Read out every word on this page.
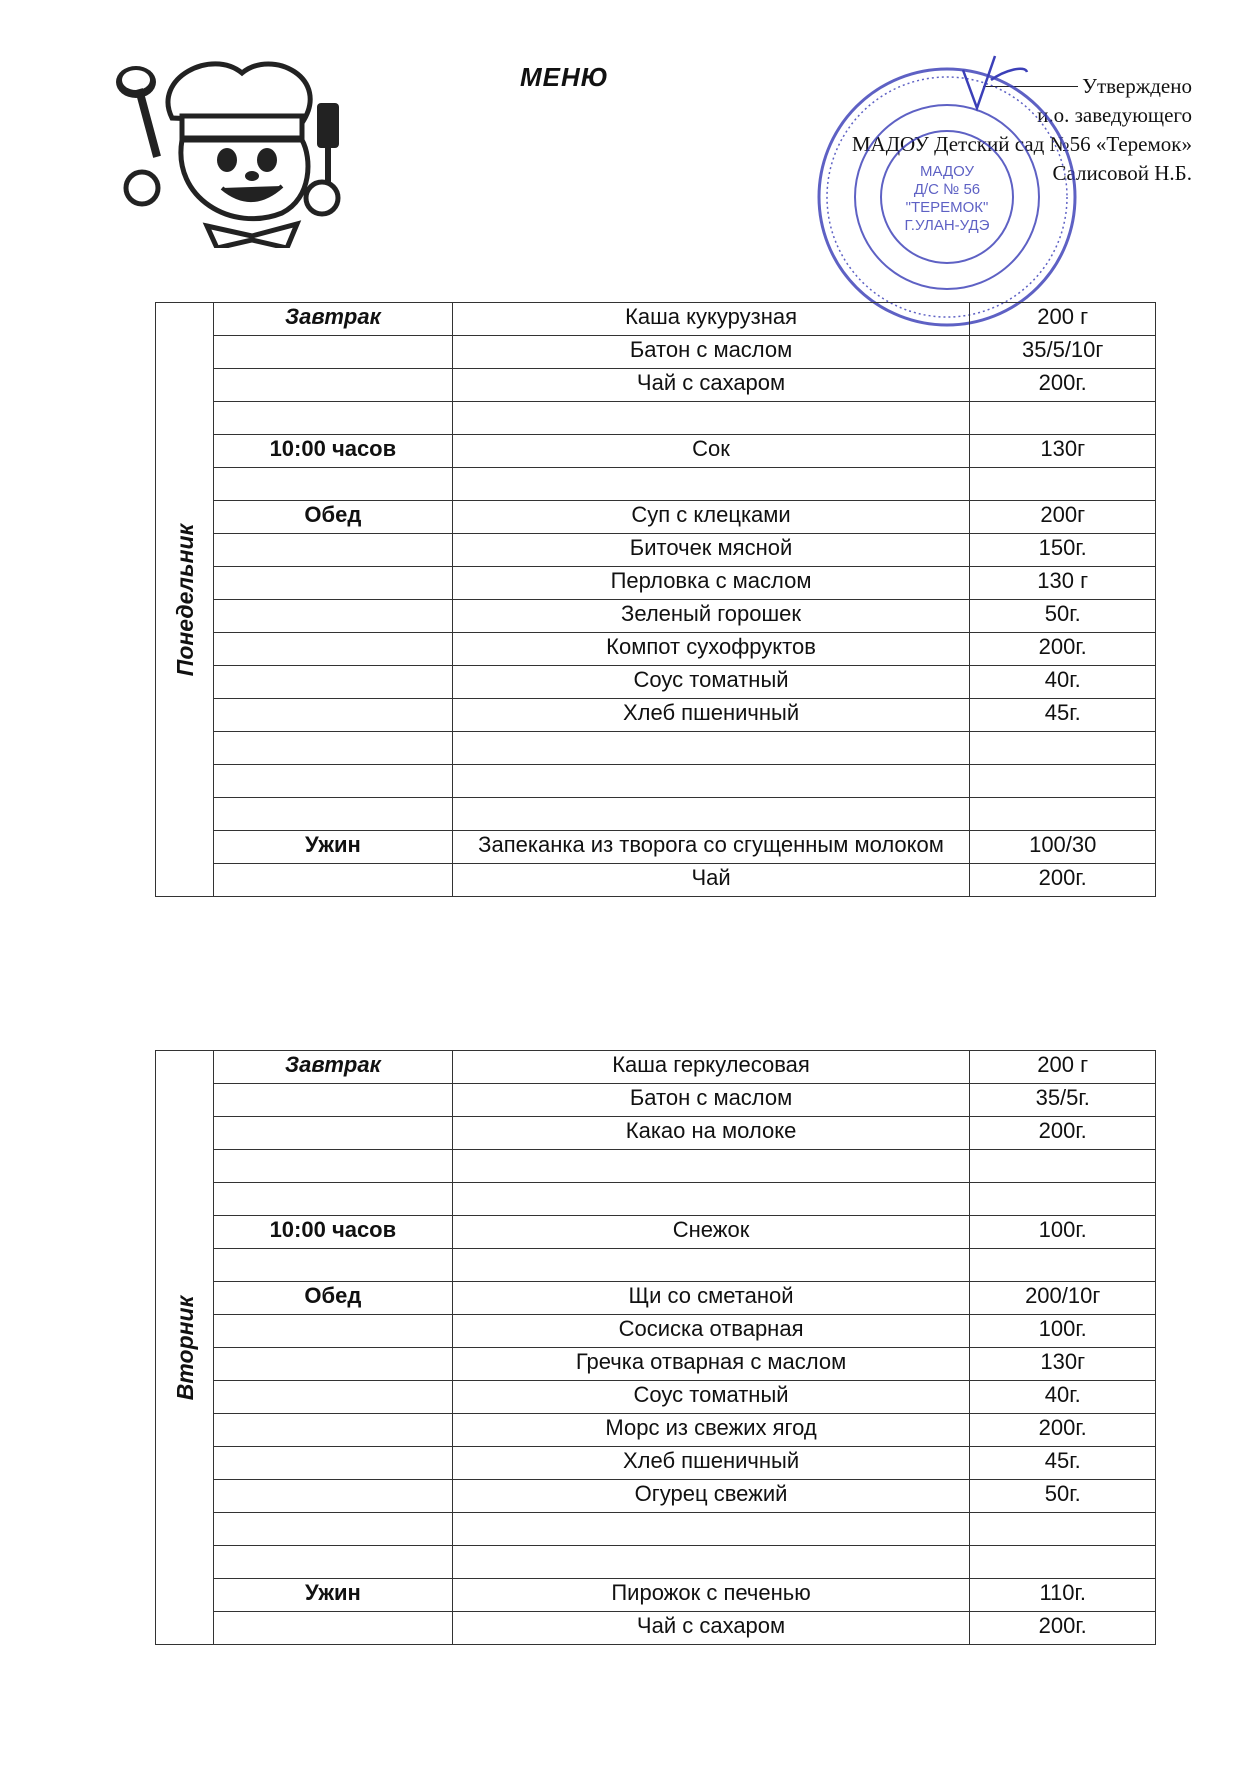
МЕНЮ	Утверждено
и.о. заведующего
МАДОУ Детский сад №56 «Теремок»
Салисовой Н.Б.
МАДОУ
Д/С № 56
"ТЕРЕМОК"
Г.УЛАН-УДЭ
Понедельник	Завтрак	Каша кукурузная	200 г
		Батон с маслом	35/5/10г
		Чай с сахаром	200г.

	10:00 часов	Сок	130г

	Обед	Суп с клецками	200г
		Биточек мясной	150г.
		Перловка с маслом	130 г
		Зеленый горошек	50г.
		Компот сухофруктов	200г.
		Соус томатный	40г.
		Хлеб пшеничный	45г.

	Ужин	Запеканка из творога со сгущенным молоком	100/30
		Чай	200г.
Вторник	Завтрак	Каша геркулесовая	200 г
		Батон с маслом	35/5г.
		Какао на молоке	200г.

	10:00 часов	Снежок	100г.

	Обед	Щи со сметаной	200/10г
		Сосиска отварная	100г.
		Гречка отварная с маслом	130г
		Соус томатный	40г.
		Морс из свежих ягод	200г.
		Хлеб пшеничный	45г.
		Огурец свежий	50г.

	Ужин	Пирожок с печенью	110г.
		Чай с сахаром	200г.
